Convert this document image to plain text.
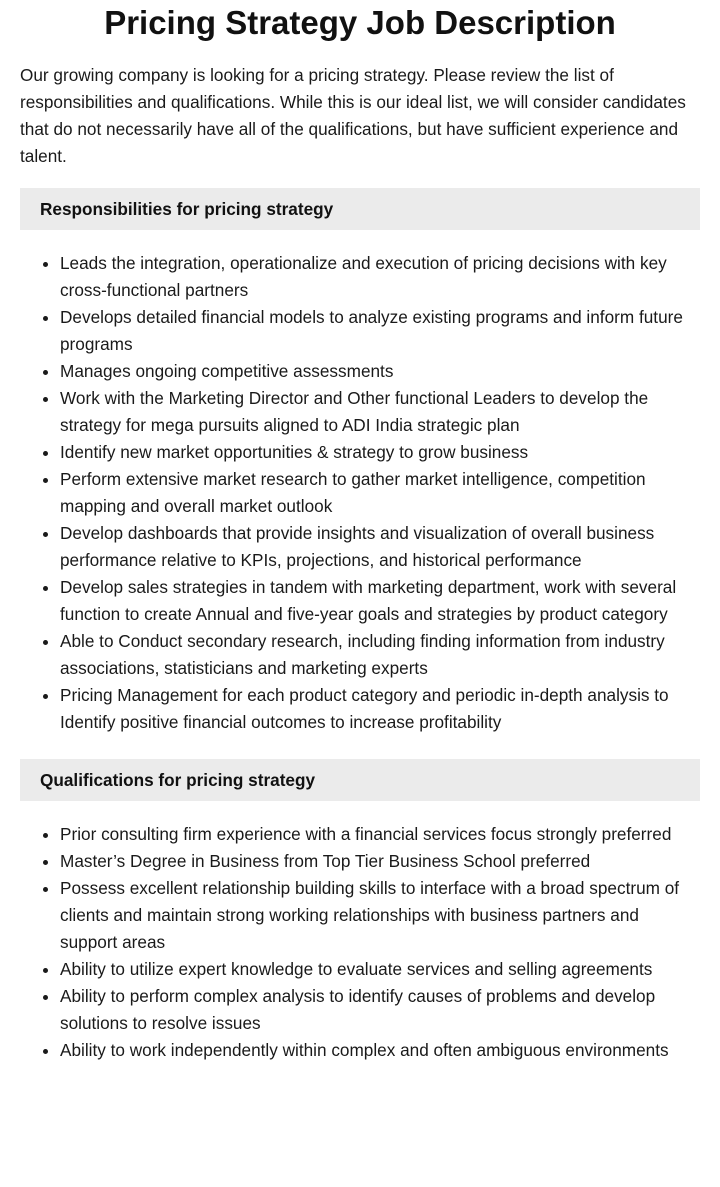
Pricing Strategy Job Description

Our growing company is looking for a pricing strategy. Please review the list of responsibilities and qualifications. While this is our ideal list, we will consider candidates that do not necessarily have all of the qualifications, but have sufficient experience and talent.

Responsibilities for pricing strategy
• Leads the integration, operationalize and execution of pricing decisions with key cross-functional partners
• Develops detailed financial models to analyze existing programs and inform future programs
• Manages ongoing competitive assessments
• Work with the Marketing Director and Other functional Leaders to develop the strategy for mega pursuits aligned to ADI India strategic plan
• Identify new market opportunities & strategy to grow business
• Perform extensive market research to gather market intelligence, competition mapping and overall market outlook
• Develop dashboards that provide insights and visualization of overall business performance relative to KPIs, projections, and historical performance
• Develop sales strategies in tandem with marketing department, work with several function to create Annual and five-year goals and strategies by product category
• Able to Conduct secondary research, including finding information from industry associations, statisticians and marketing experts
• Pricing Management for each product category and periodic in-depth analysis to Identify positive financial outcomes to increase profitability
Qualifications for pricing strategy
• Prior consulting firm experience with a financial services focus strongly preferred
• Master’s Degree in Business from Top Tier Business School preferred
• Possess excellent relationship building skills to interface with a broad spectrum of clients and maintain strong working relationships with business partners and support areas
• Ability to utilize expert knowledge to evaluate services and selling agreements
• Ability to perform complex analysis to identify causes of problems and develop solutions to resolve issues
• Ability to work independently within complex and often ambiguous environments
